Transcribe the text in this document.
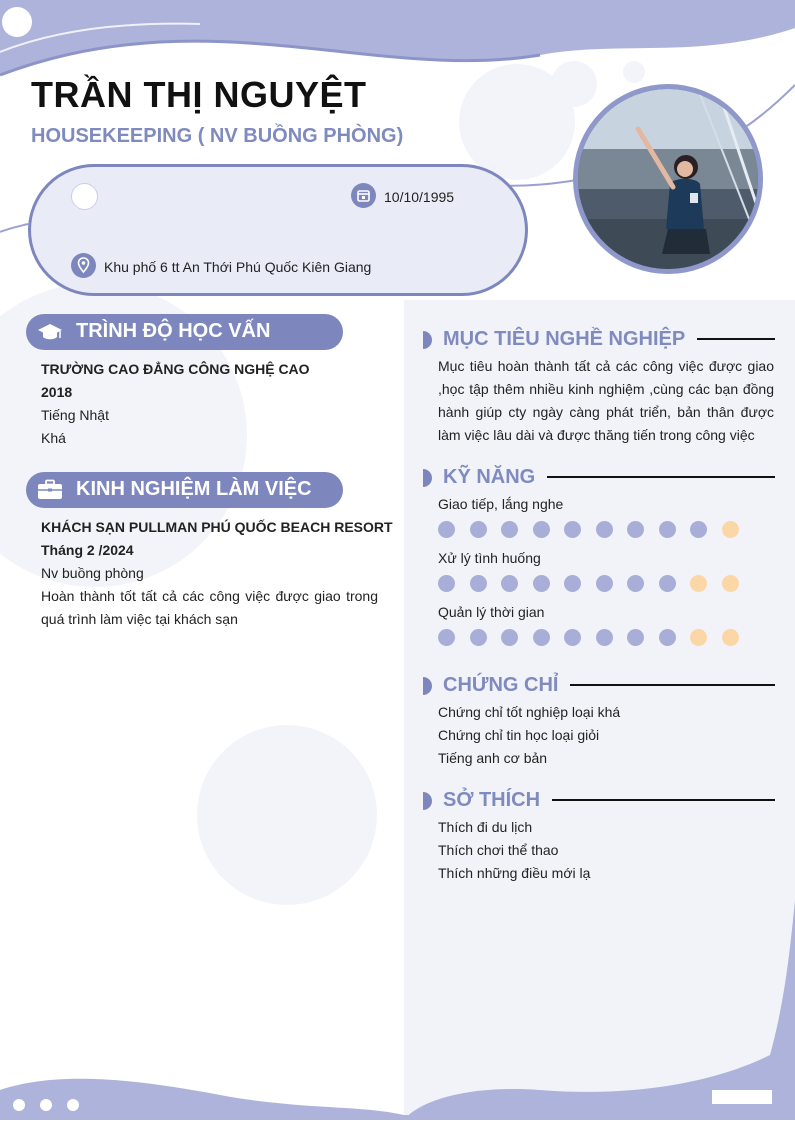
TRẦN THỊ NGUYỆT

HOUSEKEEPING ( NV BUỒNG PHÒNG)

10/10/1995
Khu phố 6 tt An Thới Phú Quốc Kiên Giang
TRÌNH ĐỘ HỌC VẤN
TRƯỜNG CAO ĐẲNG CÔNG NGHỆ CAO
2018
Tiếng Nhật
Khá
KINH NGHIỆM LÀM VIỆC
KHÁCH SẠN PULLMAN PHÚ QUỐC BEACH RESORT
Tháng 2 /2024
Nv buồng phòng
Hoàn thành tốt tất cả các công việc được giao trong quá trình làm việc tại khách sạn
MỤC TIÊU NGHỀ NGHIỆP
Mục tiêu hoàn thành tất cả các công việc được giao ,học tập thêm nhiều kinh nghiệm ,cùng các bạn đồng hành giúp cty ngày càng phát triển, bản thân được làm việc lâu dài và được thăng tiến trong công việc
KỸ NĂNG
Giao tiếp, lắng nghe
Xử lý tình huống
Quản lý thời gian
CHỨNG CHỈ
Chứng chỉ tốt nghiệp loại khá
Chứng chỉ tin học loại giỏi
Tiếng anh cơ bản
SỞ THÍCH
Thích đi du lịch
Thích chơi thể thao
Thích những điều mới lạ
